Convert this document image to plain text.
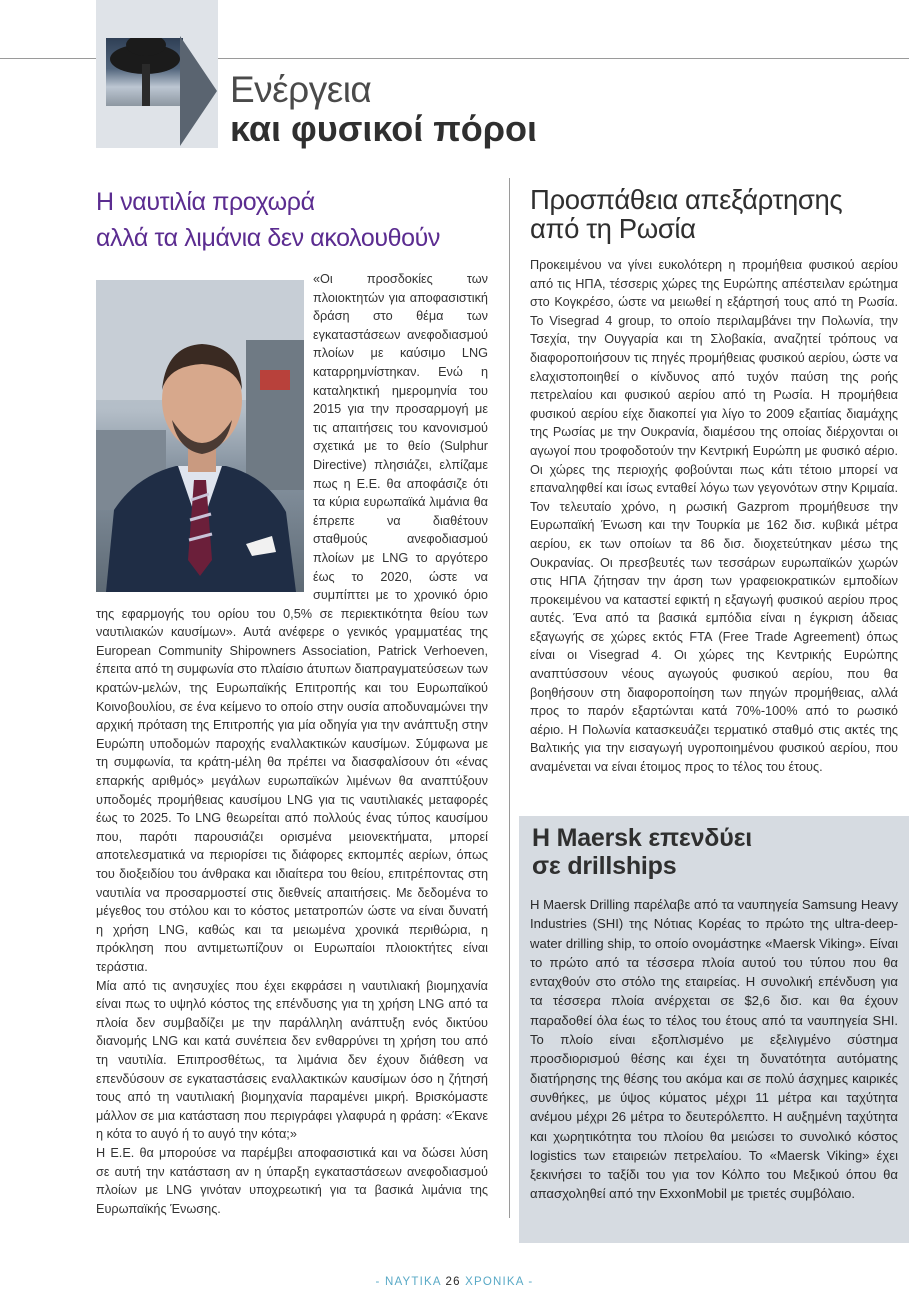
Ενέργεια
και φυσικοί πόροι
Η ναυτιλία προχωρά
αλλά τα λιμάνια δεν ακολουθούν

«Οι προσδοκίες των πλοιοκτητών για αποφασιστική δράση στο θέμα των εγκαταστάσεων ανεφοδιασμού πλοίων με καύσιμο LNG καταρρημνίστηκαν. Ενώ η καταληκτική ημερομηνία του 2015 για την προσαρμογή με τις απαιτήσεις του κανονισμού σχετικά με το θείο (Sulphur Directive) πλησιάζει, ελπίζαμε πως η Ε.Ε. θα αποφάσιζε ότι τα κύρια ευρωπαϊκά λιμάνια θα έπρεπε να διαθέτουν σταθμούς ανεφοδιασμού πλοίων με LNG το αργότερο έως το 2020, ώστε να συμπίπτει με το χρονικό όριο της εφαρμογής του ορίου του 0,5% σε περιεκτικότητα θείου των ναυτιλιακών καυσίμων». Αυτά ανέφερε ο γενικός γραμματέας της European Community Shipowners Association, Patrick Verhoeven, έπειτα από τη συμφωνία στο πλαίσιο άτυπων διαπραγματεύσεων των κρατών-μελών, της Ευρωπαϊκής Επιτροπής και του Ευρωπαϊκού Κοινοβουλίου, σε ένα κείμενο το οποίο στην ουσία αποδυναμώνει την αρχική πρόταση της Επιτροπής για μία οδηγία για την ανάπτυξη στην Ευρώπη υποδομών παροχής εναλλακτικών καυσίμων. Σύμφωνα με τη συμφωνία, τα κράτη-μέλη θα πρέπει να διασφαλίσουν ότι «ένας επαρκής αριθμός» μεγάλων ευρωπαϊκών λιμένων θα αναπτύξουν υποδομές προμήθειας καυσίμου LNG για τις ναυτιλιακές μεταφορές έως το 2025. Το LNG θεωρείται από πολλούς ένας τύπος καυσίμου που, παρότι παρουσιάζει ορισμένα μειονεκτήματα, μπορεί αποτελεσματικά να περιορίσει τις διάφορες εκπομπές αερίων, όπως του διοξειδίου του άνθρακα και ιδιαίτερα του θείου, επιτρέποντας στη ναυτιλία να προσαρμοστεί στις διεθνείς απαιτήσεις. Με δεδομένα το μέγεθος του στόλου και το κόστος μετατροπών ώστε να είναι δυνατή η χρήση LNG, καθώς και τα μειωμένα χρονικά περιθώρια, η πρόκληση που αντιμετωπίζουν οι Ευρωπαίοι πλοιοκτήτες είναι τεράστια.

Μία από τις ανησυχίες που έχει εκφράσει η ναυτιλιακή βιομηχανία είναι πως το υψηλό κόστος της επένδυσης για τη χρήση LNG από τα πλοία δεν συμβαδίζει με την παράλληλη ανάπτυξη ενός δικτύου διανομής LNG και κατά συνέπεια δεν ενθαρρύνει τη χρήση του από τη ναυτιλία. Επιπροσθέτως, τα λιμάνια δεν έχουν διάθεση να επενδύσουν σε εγκαταστάσεις εναλλακτικών καυσίμων όσο η ζήτησή τους από τη ναυτιλιακή βιομηχανία παραμένει μικρή. Βρισκόμαστε μάλλον σε μια κατάσταση που περιγράφει γλαφυρά η φράση: «Έκανε η κότα το αυγό ή το αυγό την κότα;»

Η Ε.Ε. θα μπορούσε να παρέμβει αποφασιστικά και να δώσει λύση σε αυτή την κατάσταση αν η ύπαρξη εγκαταστάσεων ανεφοδιασμού πλοίων με LNG γινόταν υποχρεωτική για τα βασικά λιμάνια της Ευρωπαϊκής Ένωσης.

Προσπάθεια απεξάρτησης
από τη Ρωσία

Προκειμένου να γίνει ευκολότερη η προμήθεια φυσικού αερίου από τις ΗΠΑ, τέσσερις χώρες της Ευρώπης απέστειλαν ερώτημα στο Κογκρέσο, ώστε να μειωθεί η εξάρτησή τους από τη Ρωσία. Το Visegrad 4 group, το οποίο περιλαμβάνει την Πολωνία, την Τσεχία, την Ουγγαρία και τη Σλοβακία, αναζητεί τρόπους να διαφοροποιήσουν τις πηγές προμήθειας φυσικού αερίου, ώστε να ελαχιστοποιηθεί ο κίνδυνος από τυχόν παύση της ροής πετρελαίου και φυσικού αερίου από τη Ρωσία. Η προμήθεια φυσικού αερίου είχε διακοπεί για λίγο το 2009 εξαιτίας διαμάχης της Ρωσίας με την Ουκρανία, διαμέσου της οποίας διέρχονται οι αγωγοί που τροφοδοτούν την Κεντρική Ευρώπη με φυσικό αέριο. Οι χώρες της περιοχής φοβούνται πως κάτι τέτοιο μπορεί να επαναληφθεί και ίσως ενταθεί λόγω των γεγονότων στην Κριμαία. Τον τελευταίο χρόνο, η ρωσική Gazprom προμήθευσε την Ευρωπαϊκή Ένωση και την Τουρκία με 162 δισ. κυβικά μέτρα αερίου, εκ των οποίων τα 86 δισ. διοχετεύτηκαν μέσω της Ουκρανίας. Οι πρεσβευτές των τεσσάρων ευρωπαϊκών χωρών στις ΗΠΑ ζήτησαν την άρση των γραφειοκρατικών εμποδίων προκειμένου να καταστεί εφικτή η εξαγωγή φυσικού αερίου προς αυτές. Ένα από τα βασικά εμπόδια είναι η έγκριση άδειας εξαγωγής σε χώρες εκτός FTA (Free Trade Agreement) όπως είναι οι Visegrad 4. Οι χώρες της Κεντρικής Ευρώπης αναπτύσσουν νέους αγωγούς φυσικού αερίου, που θα βοηθήσουν στη διαφοροποίηση των πηγών προμήθειας, αλλά προς το παρόν εξαρτώνται κατά 70%-100% από το ρωσικό αέριο. Η Πολωνία κατασκευάζει τερματικό σταθμό στις ακτές της Βαλτικής για την εισαγωγή υγροποιημένου φυσικού αερίου, που αναμένεται να είναι έτοιμος προς το τέλος του έτους.

Η Maersk επενδύει
σε drillships

Η Maersk Drilling παρέλαβε από τα ναυπηγεία Samsung Heavy Industries (SHI) της Νότιας Κορέας το πρώτο της ultra-deep-water drilling ship, το οποίο ονομάστηκε «Maersk Viking». Είναι το πρώτο από τα τέσσερα πλοία αυτού του τύπου που θα ενταχθούν στο στόλο της εταιρείας. Η συνολική επένδυση για τα τέσσερα πλοία ανέρχεται σε $2,6 δισ. και θα έχουν παραδοθεί όλα έως το τέλος του έτους από τα ναυπηγεία SHI. Το πλοίο είναι εξοπλισμένο με εξελιγμένο σύστημα προσδιορισμού θέσης και έχει τη δυνατότητα αυτόματης διατήρησης της θέσης του ακόμα και σε πολύ άσχημες καιρικές συνθήκες, με ύψος κύματος μέχρι 11 μέτρα και ταχύτητα ανέμου μέχρι 26 μέτρα το δευτερόλεπτο. Η αυξημένη ταχύτητα και χωρητικότητα του πλοίου θα μειώσει το συνολικό κόστος logistics των εταιρειών πετρελαίου. Το «Maersk Viking» έχει ξεκινήσει το ταξίδι του για τον Κόλπο του Μεξικού όπου θα απασχοληθεί από την ExxonMobil με τριετές συμβόλαιο.

- ΝΑΥΤΙΚΑ 26 ΧΡΟΝΙΚΑ -
